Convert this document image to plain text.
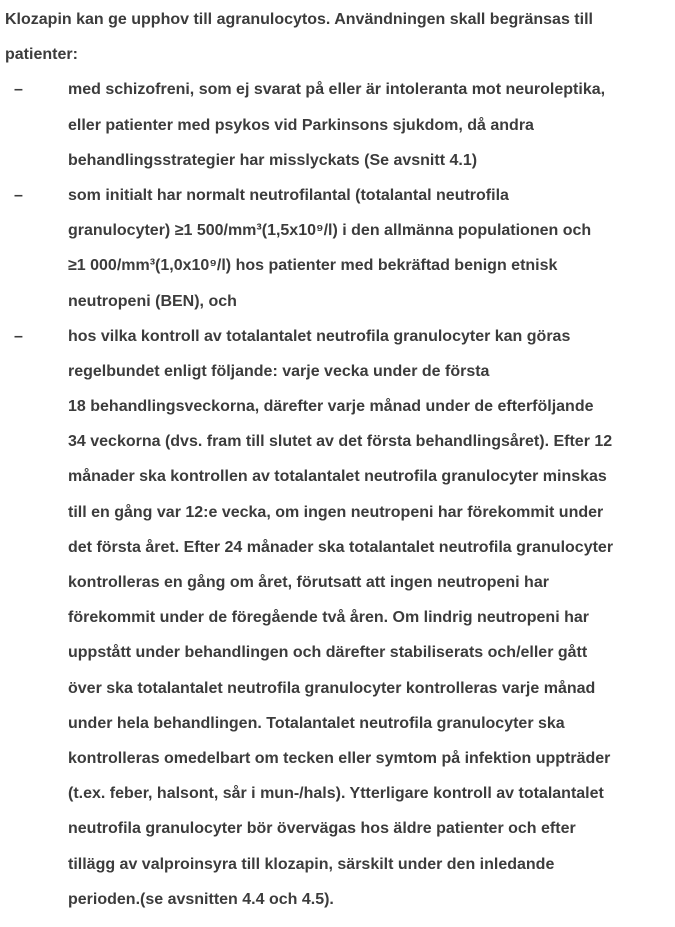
Klozapin kan ge upphov till agranulocytos. Användningen skall begränsas till
patienter:
–	med schizofreni, som ej svarat på eller är intoleranta mot neuroleptika,
eller patienter med psykos vid Parkinsons sjukdom, då andra
behandlingsstrategier har misslyckats (Se avsnitt 4.1)
–	som initialt har normalt neutrofilantal (totalantal neutrofila
granulocyter) ≥1 500/mm³(1,5x10⁹/l) i den allmänna populationen och
≥1 000/mm³(1,0x10⁹/l) hos patienter med bekräftad benign etnisk
neutropeni (BEN), och
–	hos vilka kontroll av totalantalet neutrofila granulocyter kan göras
regelbundet enligt följande: varje vecka under de första
18 behandlingsveckorna, därefter varje månad under de efterföljande
34 veckorna (dvs. fram till slutet av det första behandlingsåret). Efter 12
månader ska kontrollen av totalantalet neutrofila granulocyter minskas
till en gång var 12:e vecka, om ingen neutropeni har förekommit under
det första året. Efter 24 månader ska totalantalet neutrofila granulocyter
kontrolleras en gång om året, förutsatt att ingen neutropeni har
förekommit under de föregående två åren. Om lindrig neutropeni har
uppstått under behandlingen och därefter stabiliserats och/eller gått
över ska totalantalet neutrofila granulocyter kontrolleras varje månad
under hela behandlingen. Totalantalet neutrofila granulocyter ska
kontrolleras omedelbart om tecken eller symtom på infektion uppträder
(t.ex. feber, halsont, sår i mun-/hals). Ytterligare kontroll av totalantalet
neutrofila granulocyter bör övervägas hos äldre patienter och efter
tillägg av valproinsyra till klozapin, särskilt under den inledande
perioden.(se avsnitten 4.4 och 4.5).
